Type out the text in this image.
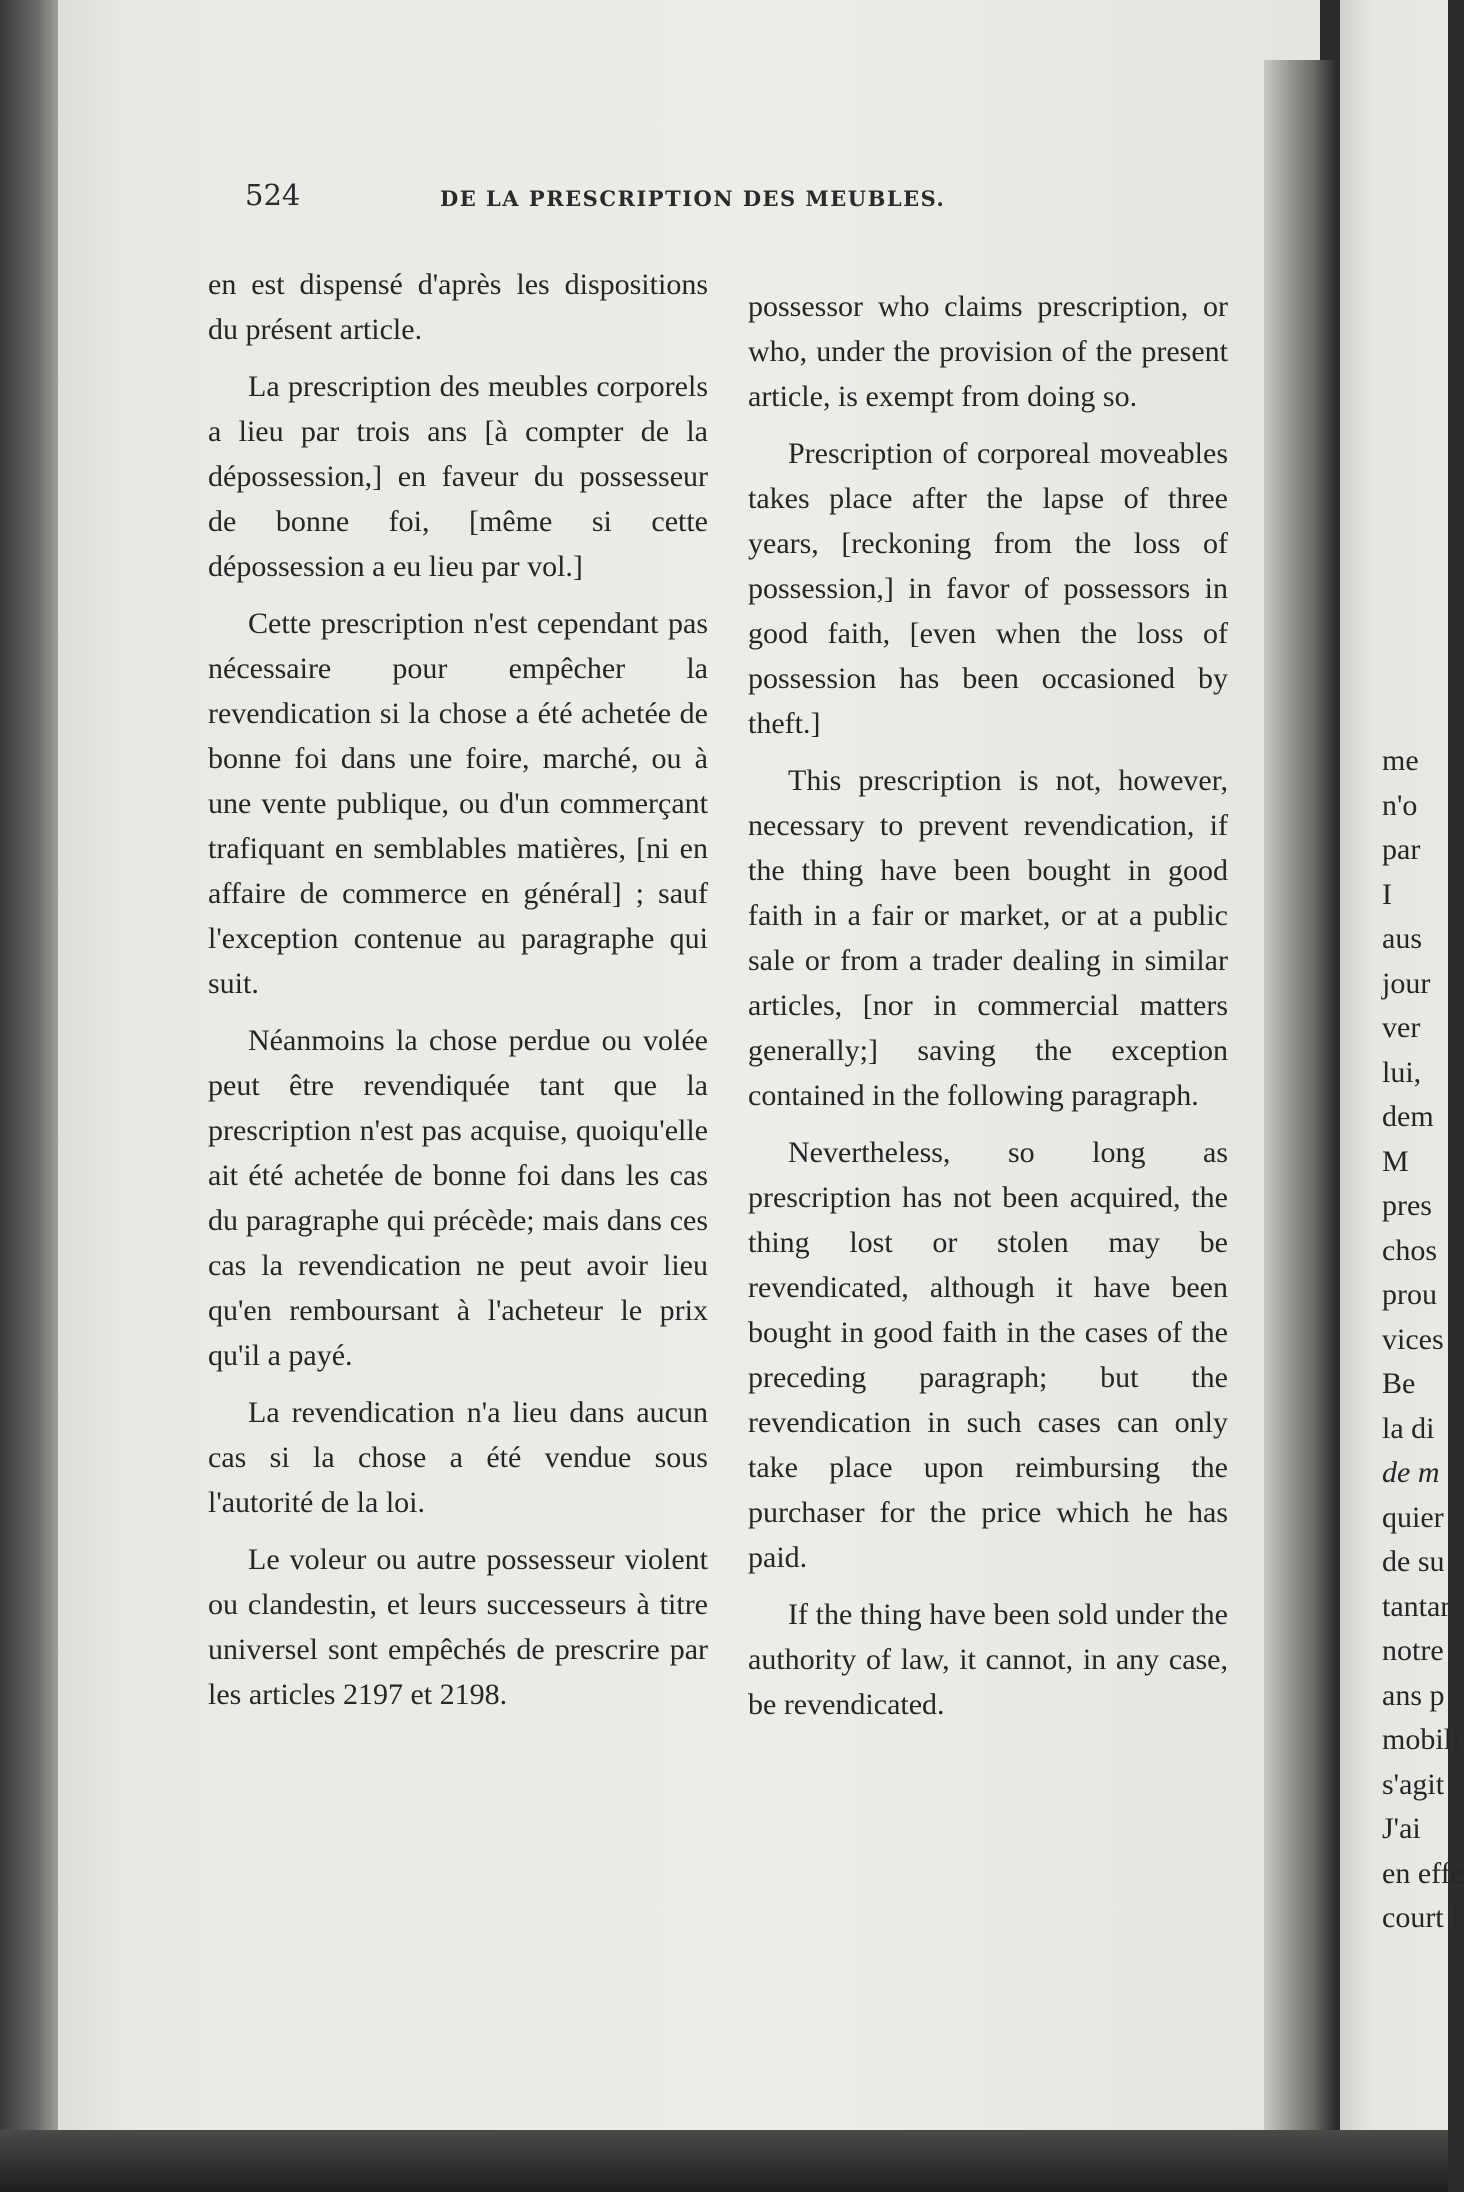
524	DE LA PRESCRIPTION DES MEUBLES.

en est dispensé d'après les dispositions du présent article.

La prescription des meubles corporels a lieu par trois ans [à compter de la dépossession,] en faveur du possesseur de bonne foi, [même si cette dépossession a eu lieu par vol.]

Cette prescription n'est cependant pas nécessaire pour empêcher la revendication si la chose a été achetée de bonne foi dans une foire, marché, ou à une vente publique, ou d'un commerçant trafiquant en semblables matières, [ni en affaire de commerce en général] ; sauf l'exception contenue au paragraphe qui suit.

Néanmoins la chose perdue ou volée peut être revendiquée tant que la prescription n'est pas acquise, quoiqu'elle ait été achetée de bonne foi dans les cas du paragraphe qui précède; mais dans ces cas la revendication ne peut avoir lieu qu'en remboursant à l'acheteur le prix qu'il a payé.

La revendication n'a lieu dans aucun cas si la chose a été vendue sous l'autorité de la loi.

Le voleur ou autre possesseur violent ou clandestin, et leurs successeurs à titre universel sont empêchés de prescrire par les articles 2197 et 2198.

possessor who claims prescription, or who, under the provision of the present article, is exempt from doing so.

Prescription of corporeal moveables takes place after the lapse of three years, [reckoning from the loss of possession,] in favor of possessors in good faith, [even when the loss of possession has been occasioned by theft.]

This prescription is not, however, necessary to prevent revendication, if the thing have been bought in good faith in a fair or market, or at a public sale or from a trader dealing in similar articles, [nor in commercial matters generally;] saving the exception contained in the following paragraph.

Nevertheless, so long as prescription has not been acquired, the thing lost or stolen may be revendicated, although it have been bought in good faith in the cases of the preceding paragraph; but the revendication in such cases can only take place upon reimbursing the purchaser for the price which he has paid.

If the thing have been sold under the authority of law, it cannot, in any case, be revendicated.

me
n'o
par
I
aus
jour
ver
lui,
dem
M
pres
chos
prou
vices
Be
la di
de m
quier
de su
tantar
notre
ans p
mobili
s'agit
J'ai
en effe
court l
